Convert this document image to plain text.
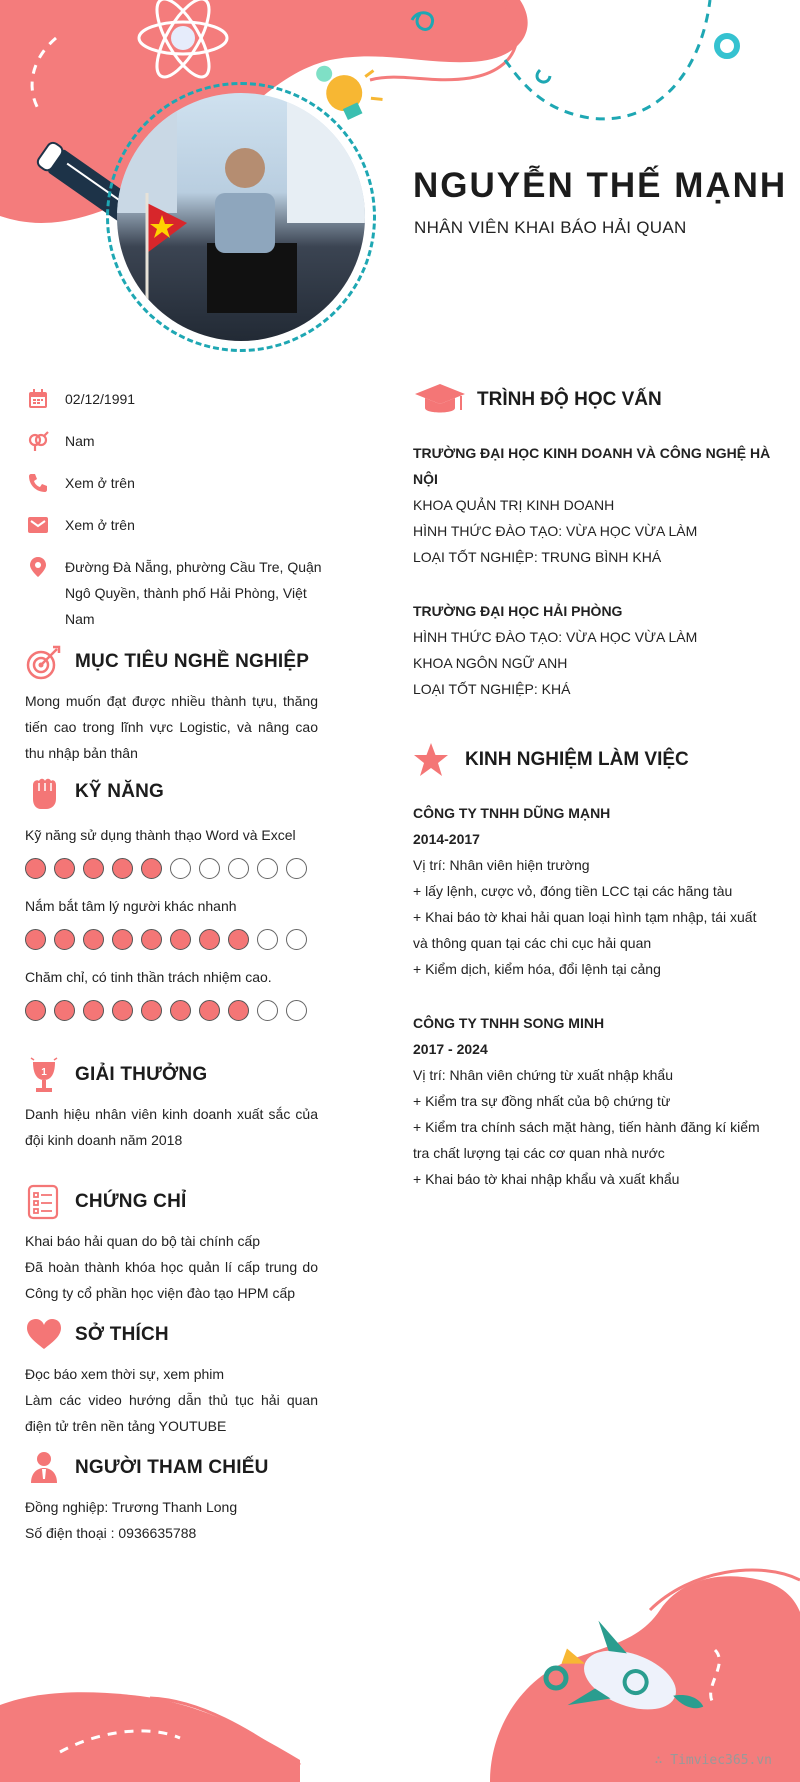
NGUYỄN THẾ MẠNH
NHÂN VIÊN KHAI BÁO HẢI QUAN
02/12/1991
Nam
Xem ở trên
Xem ở trên
Đường Đà Nẵng, phường Cầu Tre, Quận Ngô Quyền, thành phố Hải Phòng, Việt Nam
MỤC TIÊU NGHỀ NGHIỆP
Mong muốn đạt được nhiều thành tựu, thăng tiến cao trong lĩnh vực Logistic, và nâng cao thu nhập bản thân
KỸ NĂNG
Kỹ năng sử dụng thành thạo Word và Excel
Nắm bắt tâm lý người khác nhanh
Chăm chỉ, có tinh thần trách nhiệm cao.
1 GIẢI THƯỞNG
Danh hiệu nhân viên kinh doanh xuất sắc của đội kinh doanh năm 2018
CHỨNG CHỈ

Khai báo hải quan do bộ tài chính cấp

Đã hoàn thành khóa học quản lí cấp trung do Công ty cổ phần học viện đào tạo HPM cấp

SỞ THÍCH

Đọc báo xem thời sự, xem phim

Làm các video hướng dẫn thủ tục hải quan điện tử trên nền tảng YOUTUBE

NGƯỜI THAM CHIẾU

Đồng nghiệp: Trương Thanh Long

Số điện thoại : 0936635788

TRÌNH ĐỘ HỌC VẤN

TRƯỜNG ĐẠI HỌC KINH DOANH VÀ CÔNG NGHỆ HÀ NỘI

KHOA QUẢN TRỊ KINH DOANH

HÌNH THỨC ĐÀO TẠO: VỪA HỌC VỪA LÀM

LOẠI TỐT NGHIỆP: TRUNG BÌNH KHÁ

TRƯỜNG ĐẠI HỌC HẢI PHÒNG

HÌNH THỨC ĐÀO TẠO: VỪA HỌC VỪA LÀM

KHOA NGÔN NGỮ ANH

LOẠI TỐT NGHIỆP: KHÁ

KINH NGHIỆM LÀM VIỆC

CÔNG TY TNHH DŨNG MẠNH

2014-2017

Vị trí: Nhân viên hiện trường

+ lấy lệnh, cược vỏ, đóng tiền LCC tại các hãng tàu

+ Khai báo tờ khai hải quan loại hình tạm nhập, tái xuất và thông quan tại các chi cục hải quan

+ Kiểm dịch, kiểm hóa, đổi lệnh tại cảng

CÔNG TY TNHH SONG MINH

2017 - 2024

Vị trí: Nhân viên chứng từ xuất nhập khẩu

+ Kiểm tra sự đồng nhất của bộ chứng từ

+ Kiểm tra chính sách mặt hàng, tiến hành đăng kí kiểm tra chất lượng tại các cơ quan nhà nước

+ Khai báo tờ khai nhập khẩu và xuất khẩu

∴ Timviec365.vn
